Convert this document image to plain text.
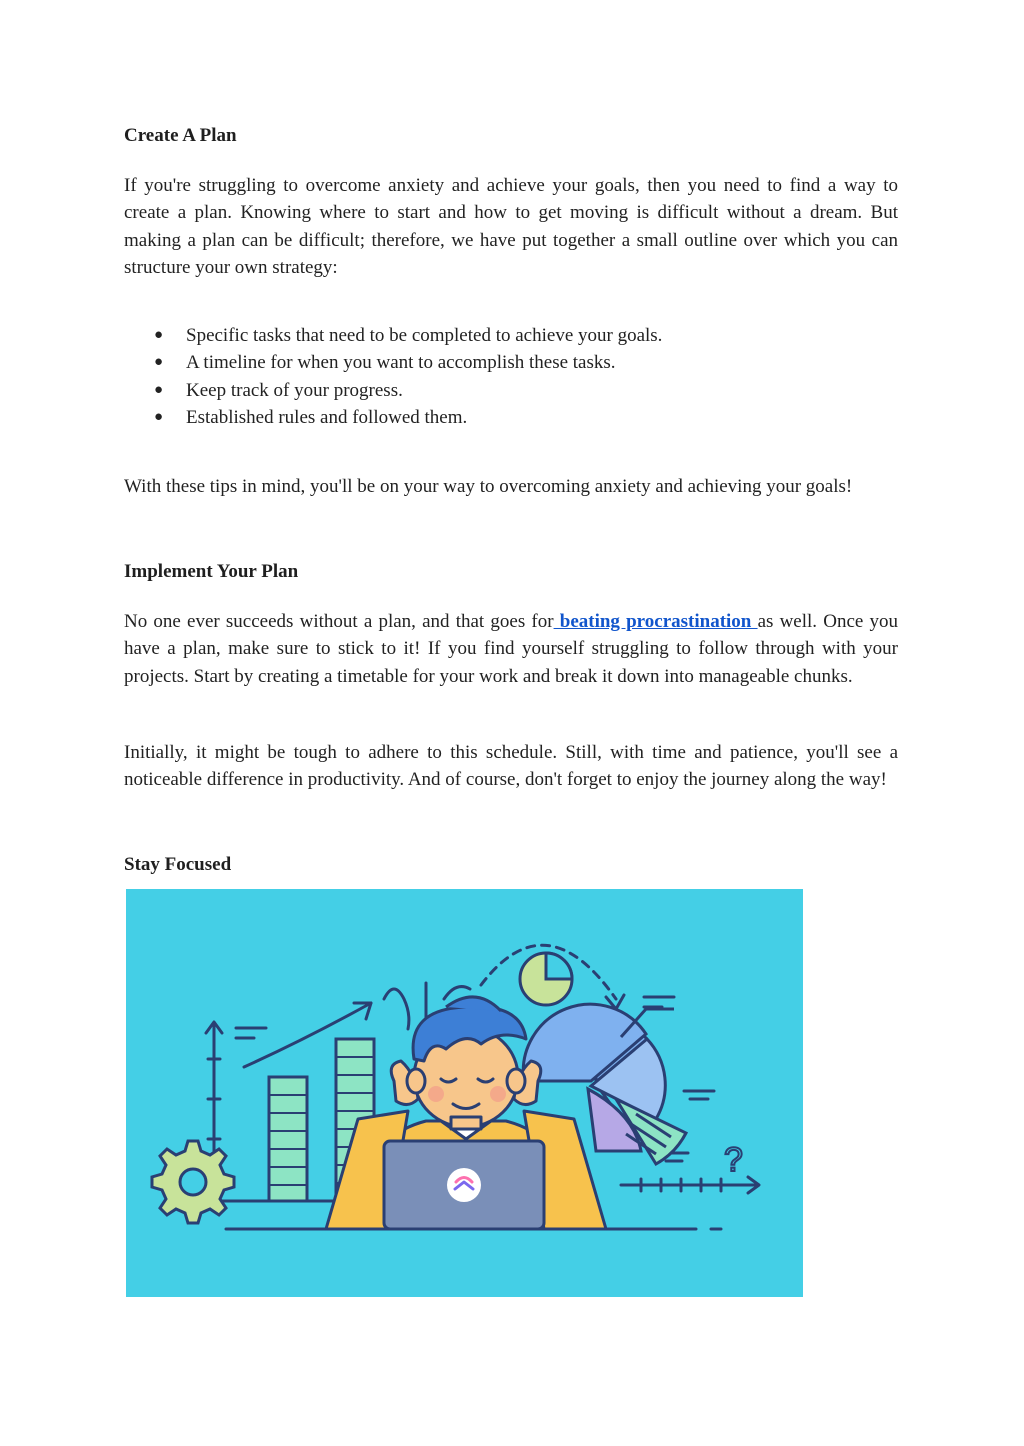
Create A Plan
If you're struggling to overcome anxiety and achieve your goals, then you need to find a way to create a plan. Knowing where to start and how to get moving is difficult without a dream. But making a plan can be difficult; therefore, we have put together a small outline over which you can structure your own strategy:
● Specific tasks that need to be completed to achieve your goals.
● A timeline for when you want to accomplish these tasks.
● Keep track of your progress.
● Established rules and followed them.
With these tips in mind, you'll be on your way to overcoming anxiety and achieving your goals!
Implement Your Plan
No one ever succeeds without a plan, and that goes for beating procrastination as well. Once you have a plan, make sure to stick to it! If you find yourself struggling to follow through with your projects. Start by creating a timetable for your work and break it down into manageable chunks.
Initially, it might be tough to adhere to this schedule. Still, with time and patience, you'll see a noticeable difference in productivity. And of course, don't forget to enjoy the journey along the way!
Stay Focused
?
